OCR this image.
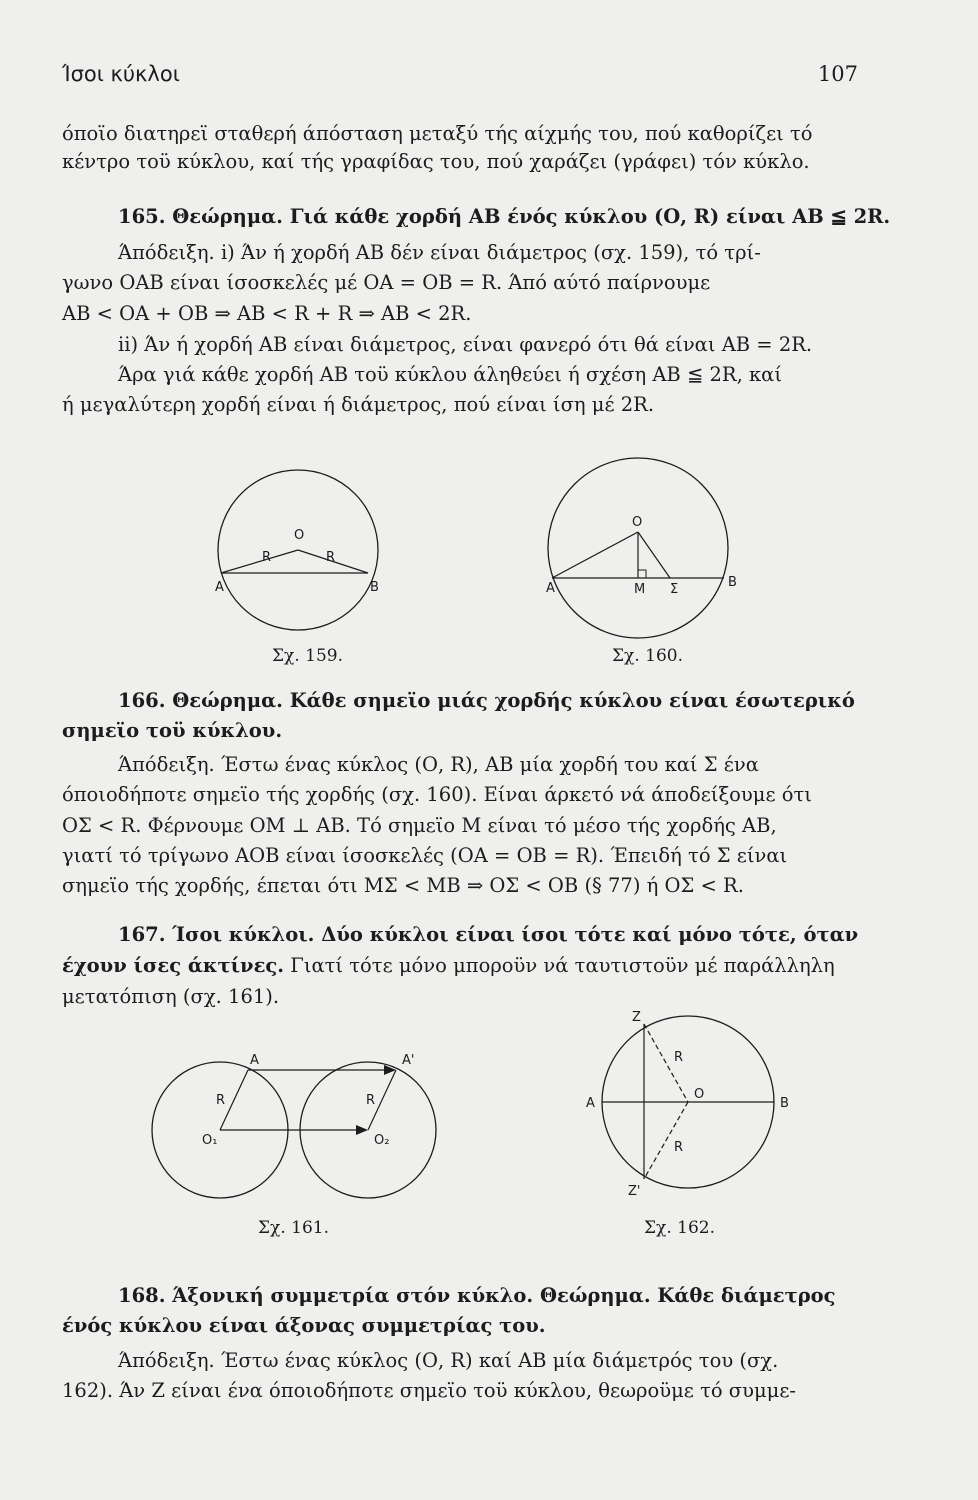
Ίσοι κύκλοι	107
όποϊο διατηρεϊ σταθερή άπόσταση μεταξύ τής αίχμής του, πού καθορίζει τό
κέντρο τοϋ κύκλου, καί τής γραφίδας του, πού χαράζει (γράφει) τόν κύκλο.
165. Θεώρημα. Γιά κάθε χορδή ΑΒ ένός κύκλου (Ο, R) είναι ΑΒ ≦ 2R.
Άπόδειξη. i) Άν ή χορδή ΑΒ δέν είναι διάμετρος (σχ. 159), τό τρί-
γωνο ΟΑΒ είναι ίσοσκελές μέ ΟΑ = ΟΒ = R. Άπό αύτό παίρνουμε
ΑΒ < ΟΑ + ΟΒ ⇒ ΑΒ < R + R ⇒ ΑΒ < 2R.
ii) Άν ή χορδή ΑΒ είναι διάμετρος, είναι φανερό ότι θά είναι ΑΒ = 2R.
Άρα γιά κάθε χορδή ΑΒ τοϋ κύκλου άληθεύει ή σχέση ΑΒ ≦ 2R, καί
ή μεγαλύτερη χορδή είναι ή διάμετρος, πού είναι ίση μέ 2R.
O
R	R
A	B
Σχ. 159.
O
A	M Σ	B
Σχ. 160.
166. Θεώρημα. Κάθε σημεϊο μιάς χορδής κύκλου είναι έσωτερικό
σημεϊο τοϋ κύκλου.
Άπόδειξη. Έστω ένας κύκλος (Ο, R), ΑΒ μία χορδή του καί Σ ένα
όποιοδήποτε σημεϊο τής χορδής (σχ. 160). Είναι άρκετό νά άποδείξουμε ότι
ΟΣ < R. Φέρνουμε ΟΜ ⊥ ΑΒ. Τό σημεϊο Μ είναι τό μέσο τής χορδής ΑΒ,
γιατί τό τρίγωνο ΑΟΒ είναι ίσοσκελές (ΟΑ = ΟΒ = R). Έπειδή τό Σ είναι
σημεϊο τής χορδής, έπεται ότι ΜΣ < ΜΒ ⇒ ΟΣ < ΟΒ (§ 77) ή ΟΣ < R.
167. Ίσοι κύκλοι. Δύο κύκλοι είναι ίσοι τότε καί μόνο τότε, όταν
έχουν ίσες άκτίνες. Γιατί τότε μόνο μποροϋν νά ταυτιστοϋν μέ παράλληλη
μετατόπιση (σχ. 161).
A	A'
R	R
O₁	O₂
Σχ. 161.
Z
R
A
O
B
R
Z'
Σχ. 162.
168. Άξονική συμμετρία στόν κύκλο. Θεώρημα. Κάθε διάμετρος
ένός κύκλου είναι άξονας συμμετρίας του.
Άπόδειξη. Έστω ένας κύκλος (Ο, R) καί ΑΒ μία διάμετρός του (σχ.
162). Άν Ζ είναι ένα όποιοδήποτε σημεϊο τοϋ κύκλου, θεωροϋμε τό συμμε-
